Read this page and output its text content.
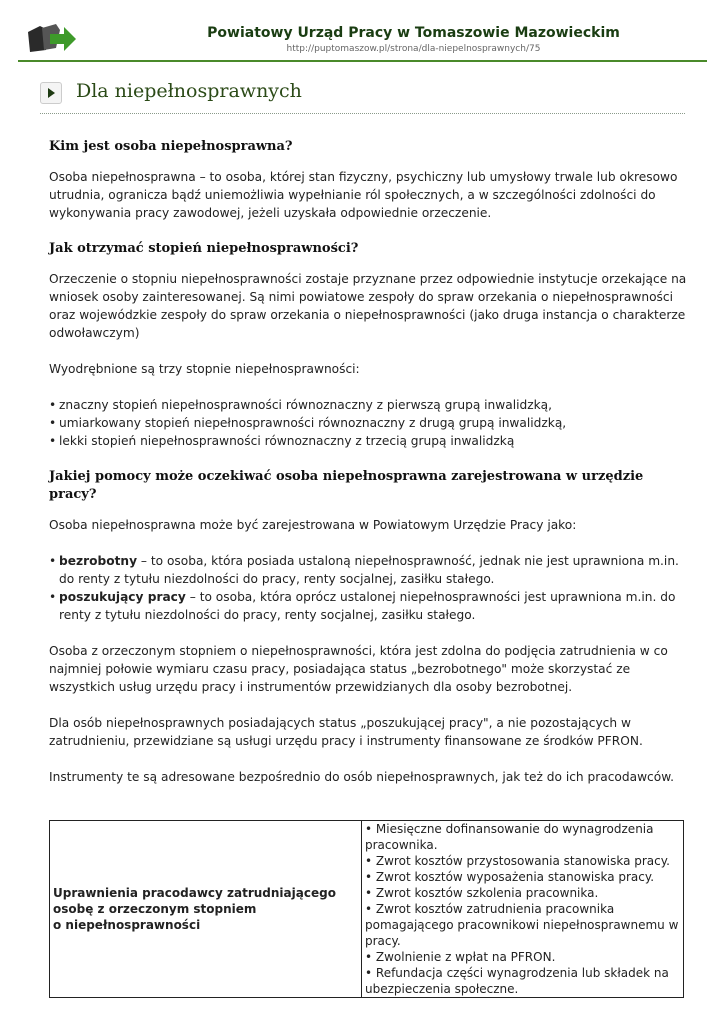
Powiatowy Urząd Pracy w Tomaszowie Mazowieckim
http://puptomaszow.pl/strona/dla-niepelnosprawnych/75
Dla niepełnosprawnych
Kim jest osoba niepełnosprawna?

Osoba niepełnosprawna – to osoba, której stan fizyczny, psychiczny lub umysłowy trwale lub okresowo utrudnia, ogranicza bądź uniemożliwia wypełnianie ról społecznych, a w szczególności zdolności do wykonywania pracy zawodowej, jeżeli uzyskała odpowiednie orzeczenie.

Jak otrzymać stopień niepełnosprawności?

Orzeczenie o stopniu niepełnosprawności zostaje przyznane przez odpowiednie instytucje orzekające na wniosek osoby zainteresowanej. Są nimi powiatowe zespoły do spraw orzekania o niepełnosprawności oraz wojewódzkie zespoły do spraw orzekania o niepełnosprawności (jako druga instancja o charakterze odwoławczym)

Wyodrębnione są trzy stopnie niepełnosprawności:

• znaczny stopień niepełnosprawności równoznaczny z pierwszą grupą inwalidzką,
• umiarkowany stopień niepełnosprawności równoznaczny z drugą grupą inwalidzką,
• lekki stopień niepełnosprawności równoznaczny z trzecią grupą inwalidzką
Jakiej pomocy może oczekiwać osoba niepełnosprawna zarejestrowana w urzędzie pracy?

Osoba niepełnosprawna może być zarejestrowana w Powiatowym Urzędzie Pracy jako:

• bezrobotny – to osoba, która posiada ustaloną niepełnosprawność, jednak nie jest uprawniona m.in. do renty z tytułu niezdolności do pracy, renty socjalnej, zasiłku stałego.
• poszukujący pracy – to osoba, która oprócz ustalonej niepełnosprawności jest uprawniona m.in. do renty z tytułu niezdolności do pracy, renty socjalnej, zasiłku stałego.

Osoba z orzeczonym stopniem o niepełnosprawności, która jest zdolna do podjęcia zatrudnienia w co najmniej połowie wymiaru czasu pracy, posiadająca status „bezrobotnego" może skorzystać ze wszystkich usług urzędu pracy i instrumentów przewidzianych dla osoby bezrobotnej.

Dla osób niepełnosprawnych posiadających status „poszukującej pracy", a nie pozostających w zatrudnieniu, przewidziane są usługi urzędu pracy i instrumenty finansowane ze środków PFRON.

Instrumenty te są adresowane bezpośrednio do osób niepełnosprawnych, jak też do ich pracodawców.

Uprawnienia pracodawcy zatrudniającego
osobę z orzeczonym stopniem
o niepełnosprawności

• Miesięczne dofinansowanie do wynagrodzenia pracownika.
• Zwrot kosztów przystosowania stanowiska pracy.
• Zwrot kosztów wyposażenia stanowiska pracy.
• Zwrot kosztów szkolenia pracownika.
• Zwrot kosztów zatrudnienia pracownika pomagającego pracownikowi niepełnosprawnemu w pracy.
• Zwolnienie z wpłat na PFRON.
• Refundacja części wynagrodzenia lub składek na ubezpieczenia społeczne.
